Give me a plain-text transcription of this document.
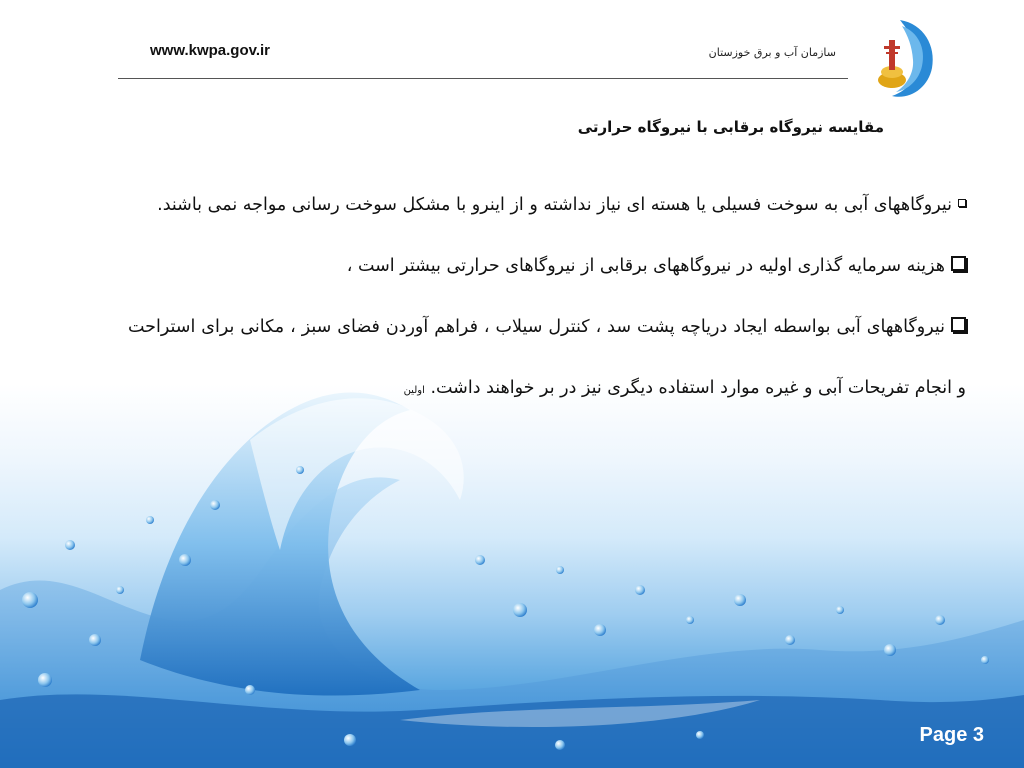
www.kwpa.gov.ir	سازمان آب و برق خوزستان
مقایسه نیروگاه برقابی با نیروگاه حرارتی

نیروگاههای آبی به سوخت فسیلی یا هسته ای نیاز نداشته و از اینرو با مشکل سوخت رسانی مواجه نمی باشند.

هزینه سرمایه گذاری اولیه در نیروگاههای برقابی از نیروگاهای حرارتی بیشتر است ،

نیروگاههای آبی بواسطه ایجاد دریاچه پشت سد ، کنترل سیلاب ، فراهم آوردن فضای سبز ، مکانی برای استراحت و انجام تفریحات آبی و غیره موارد استفاده دیگری نیز در بر خواهند داشت. اولین

Page 3
